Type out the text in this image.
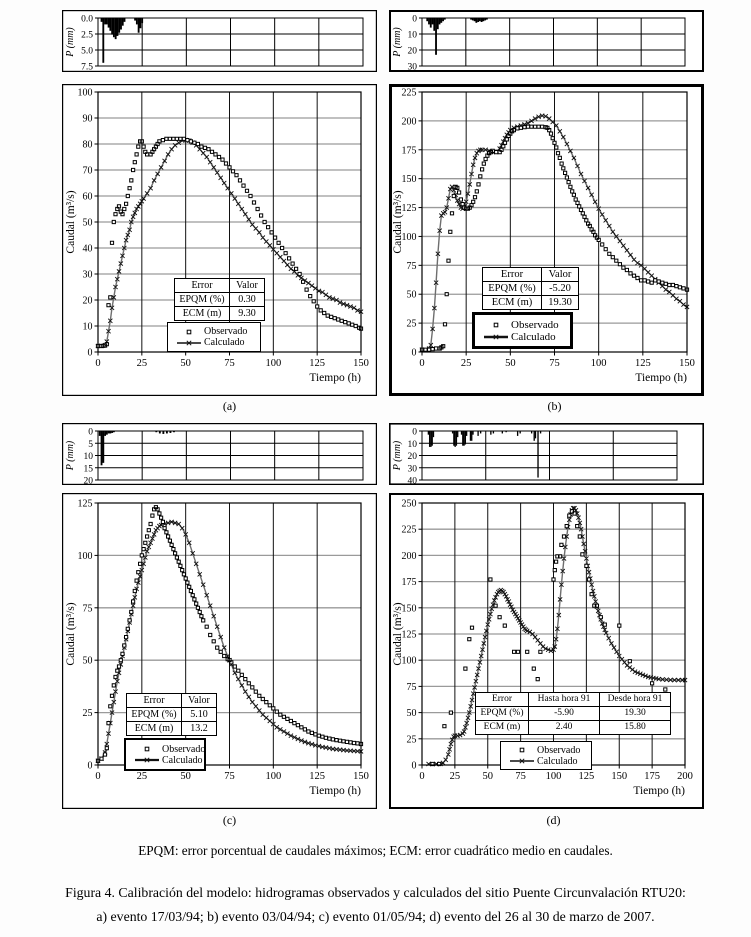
0.0
2.5
5.0
7.5
P (mm)
0
10
20
30
40
50
60
70
80
90
100
0	25	50	75	100	125	150
Caudal (m³/s)
Tiempo (h)
Error	Valor
EPQM (%)	0.30
ECM (m)	9.30
Observado
Calculado
(a)
0
10
20
30
P (mm)
0
25
50
75
100
125
150
175
200
225
0	25	50	75	100	125	150
Caudal (m³/s)
Tiempo (h)
Error	Valor
EPQM (%)	-5.20
ECM (m)	19.30
Observado
Calculado
(b)
0
5
10
15
20
P (mm)
0
25
50
75
100
125
0	25	50	75	100	125	150
Caudal (m³/s)
Tiempo (h)
Error	Valor
EPQM (%)	5.10
ECM (m)	13.2
Observado
Calculado
(c)
0
10
20
30
40
P (mm)
0
25
50
75
100
125
150
175
200
225
250
0 25 50 75 100 125 150 175 200
Caudal (m³/s)
Tiempo (h)
Error	Hasta hora 91	Desde hora 91
EPQM (%)	-5.90	19.30
ECM (m)	2.40	15.80
Observado
Calculado
(d)
EPQM: error porcentual de caudales máximos; ECM: error cuadrático medio en caudales.
Figura 4. Calibración del modelo: hidrogramas observados y calculados del sitio Puente Circunvalación RTU20:
a) evento 17/03/94; b) evento 03/04/94; c) evento 01/05/94; d) evento del 26 al 30 de marzo de 2007.
